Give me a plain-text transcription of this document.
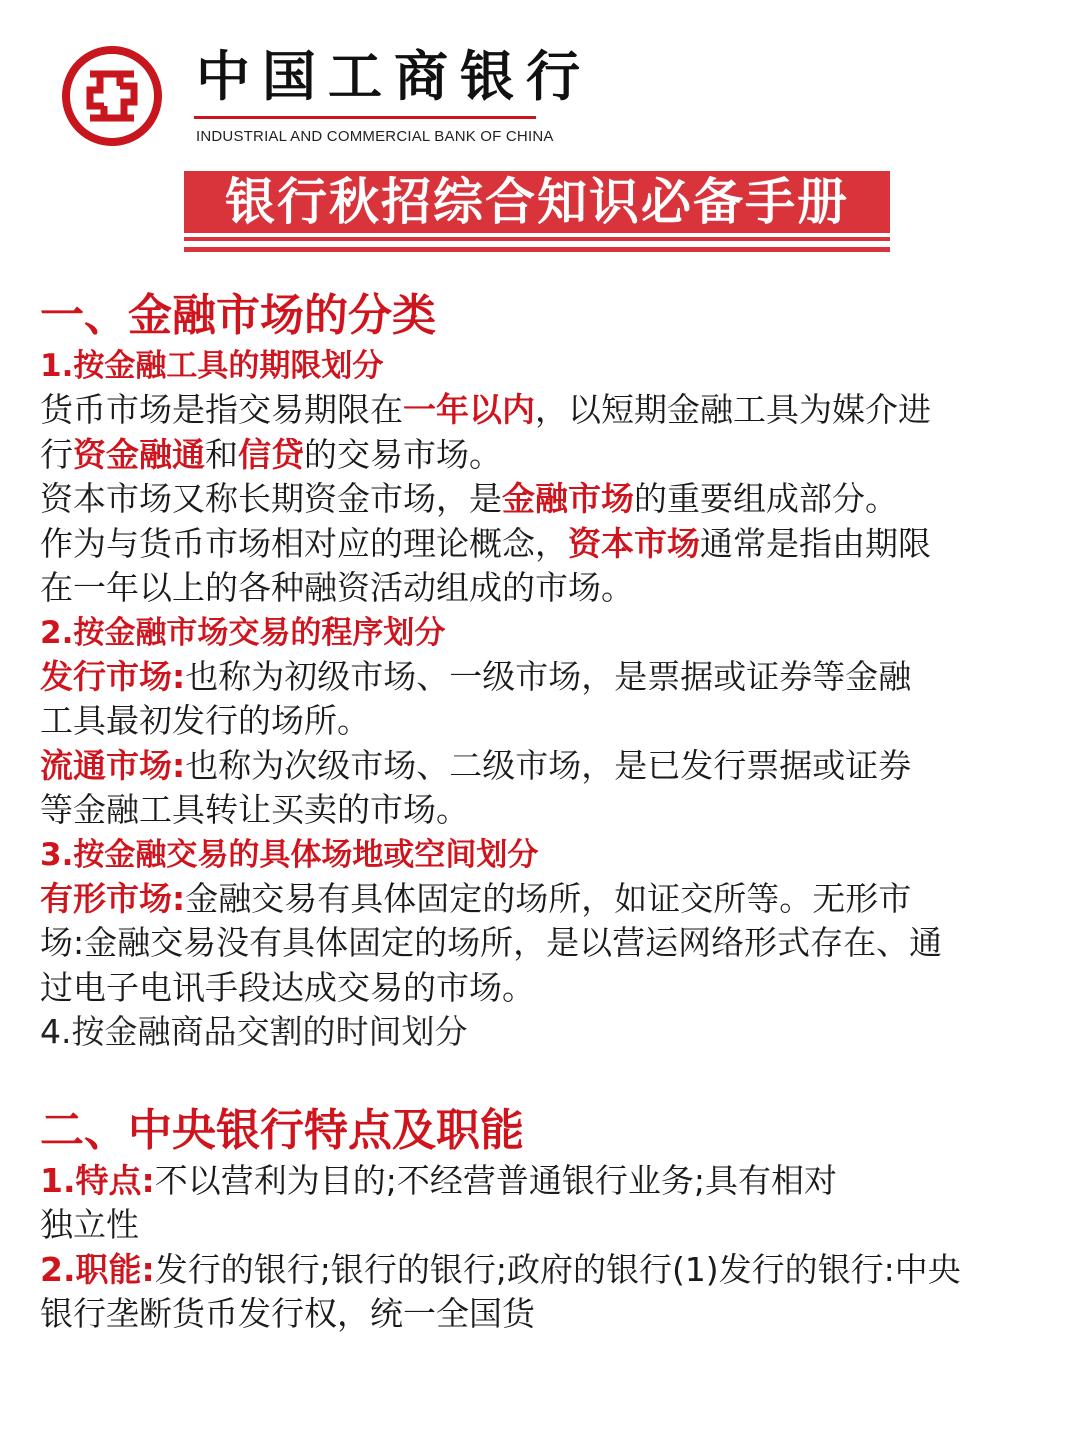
中国工商银行
INDUSTRIAL AND COMMERCIAL BANK OF CHINA
银行秋招综合知识必备手册
一、金融市场的分类
1.按金融工具的期限划分
货币市场是指交易期限在一年以内，以短期金融工具为媒介进
行资金融通和信贷的交易市场。
资本市场又称长期资金市场，是金融市场的重要组成部分。
作为与货币市场相对应的理论概念，资本市场通常是指由期限
在一年以上的各种融资活动组成的市场。
2.按金融市场交易的程序划分
发行市场:也称为初级市场、一级市场，是票据或证券等金融
工具最初发行的场所。
流通市场:也称为次级市场、二级市场，是已发行票据或证券
等金融工具转让买卖的市场。
3.按金融交易的具体场地或空间划分
有形市场:金融交易有具体固定的场所，如证交所等。无形市
场:金融交易没有具体固定的场所，是以营运网络形式存在、通
过电子电讯手段达成交易的市场。
4.按金融商品交割的时间划分
二、中央银行特点及职能
1.特点:不以营利为目的;不经营普通银行业务;具有相对
独立性
2.职能:发行的银行;银行的银行;政府的银行(1)发行的银行:中央
银行垄断货币发行权，统一全国货
